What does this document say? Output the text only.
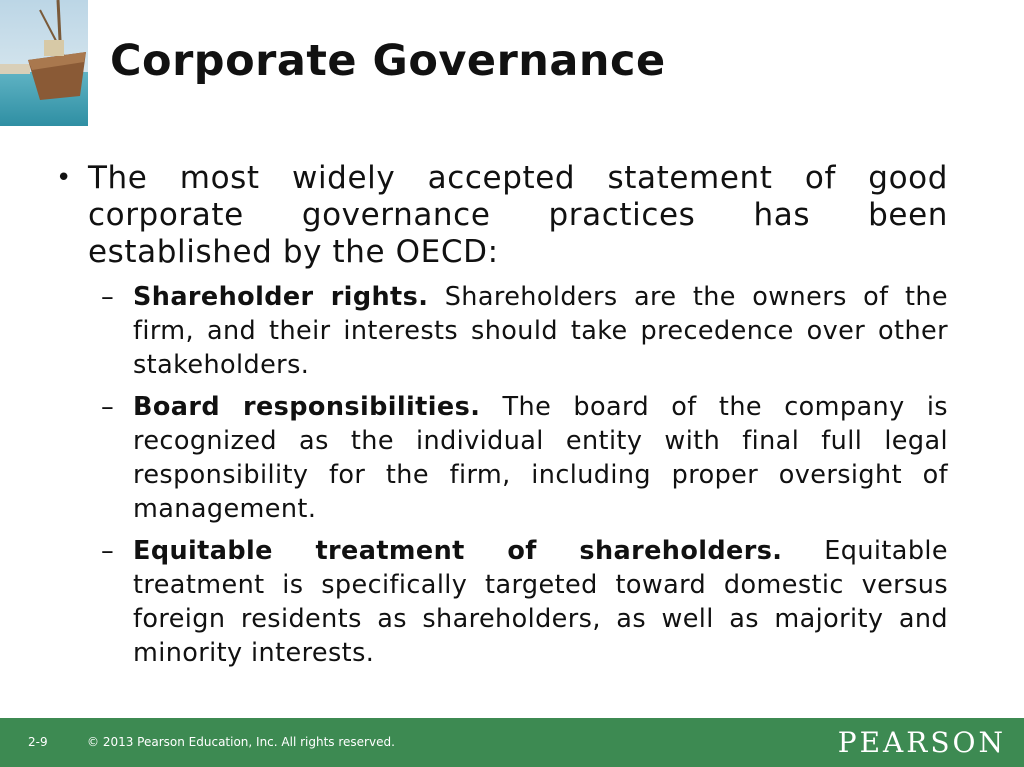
Corporate Governance
• The most widely accepted statement of good corporate governance practices has been established by the OECD:
– Shareholder rights. Shareholders are the owners of the firm, and their interests should take precedence over other stakeholders.
– Board responsibilities. The board of the company is recognized as the individual entity with final full legal responsibility for the firm, including proper oversight of management.
– Equitable treatment of shareholders. Equitable treatment is specifically targeted toward domestic versus foreign residents as shareholders, as well as majority and minority interests.
2-9	© 2013 Pearson Education, Inc. All rights reserved.	PEARSON
